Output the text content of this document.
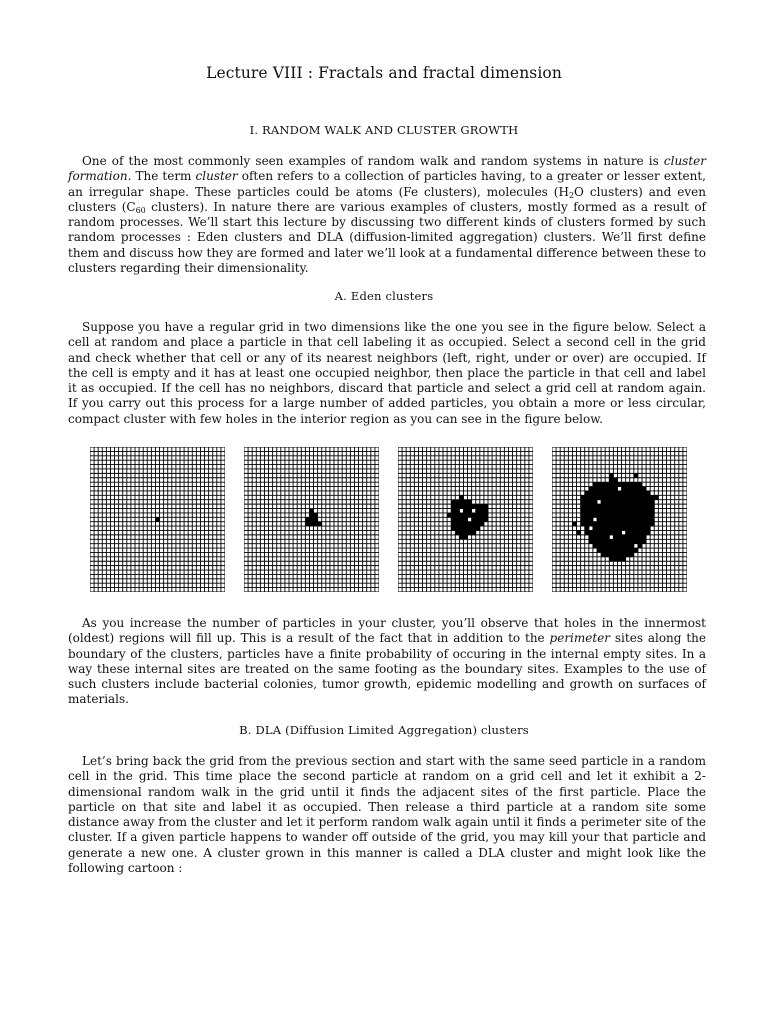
Lecture VIII : Fractals and fractal dimension
I. RANDOM WALK AND CLUSTER GROWTH

One of the most commonly seen examples of random walk and random systems in nature is cluster formation. The term cluster often refers to a collection of particles having, to a greater or lesser extent, an irregular shape. These particles could be atoms (Fe clusters), molecules ($H_2O$ clusters) and even clusters ($C_{60}$ clusters). In nature there are various examples of clusters, mostly formed as a result of random processes. We’ll start this lecture by discussing two different kinds of clusters formed by such random processes : Eden clusters and DLA (diffusion-limited aggregation) clusters. We’ll first define them and discuss how they are formed and later we’ll look at a fundamental difference between these to clusters regarding their dimensionality.

A. Eden clusters

Suppose you have a regular grid in two dimensions like the one you see in the figure below. Select a cell at random and place a particle in that cell labeling it as occupied. Select a second cell in the grid and check whether that cell or any of its nearest neighbors (left, right, under or over) are occupied. If the cell is empty and it has at least one occupied neighbor, then place the particle in that cell and label it as occupied. If the cell has no neighbors, discard that particle and select a grid cell at random again. If you carry out this process for a large number of added particles, you obtain a more or less circular, compact cluster with few holes in the interior region as you can see in the figure below.

As you increase the number of particles in your cluster, you’ll observe that holes in the innermost (oldest) regions will fill up. This is a result of the fact that in addition to the perimeter sites along the boundary of the clusters, particles have a finite probability of occuring in the internal empty sites. In a way these internal sites are treated on the same footing as the boundary sites. Examples to the use of such clusters include bacterial colonies, tumor growth, epidemic modelling and growth on surfaces of materials.

B. DLA (Diffusion Limited Aggregation) clusters

Let’s bring back the grid from the previous section and start with the same seed particle in a random cell in the grid. This time place the second particle at random on a grid cell and let it exhibit a 2-dimensional random walk in the grid until it finds the adjacent sites of the first particle. Place the particle on that site and label it as occupied. Then release a third particle at a random site some distance away from the cluster and let it perform random walk again until it finds a perimeter site of the cluster. If a given particle happens to wander off outside of the grid, you may kill your that particle and generate a new one. A cluster grown in this manner is called a DLA cluster and might look like the following cartoon :
